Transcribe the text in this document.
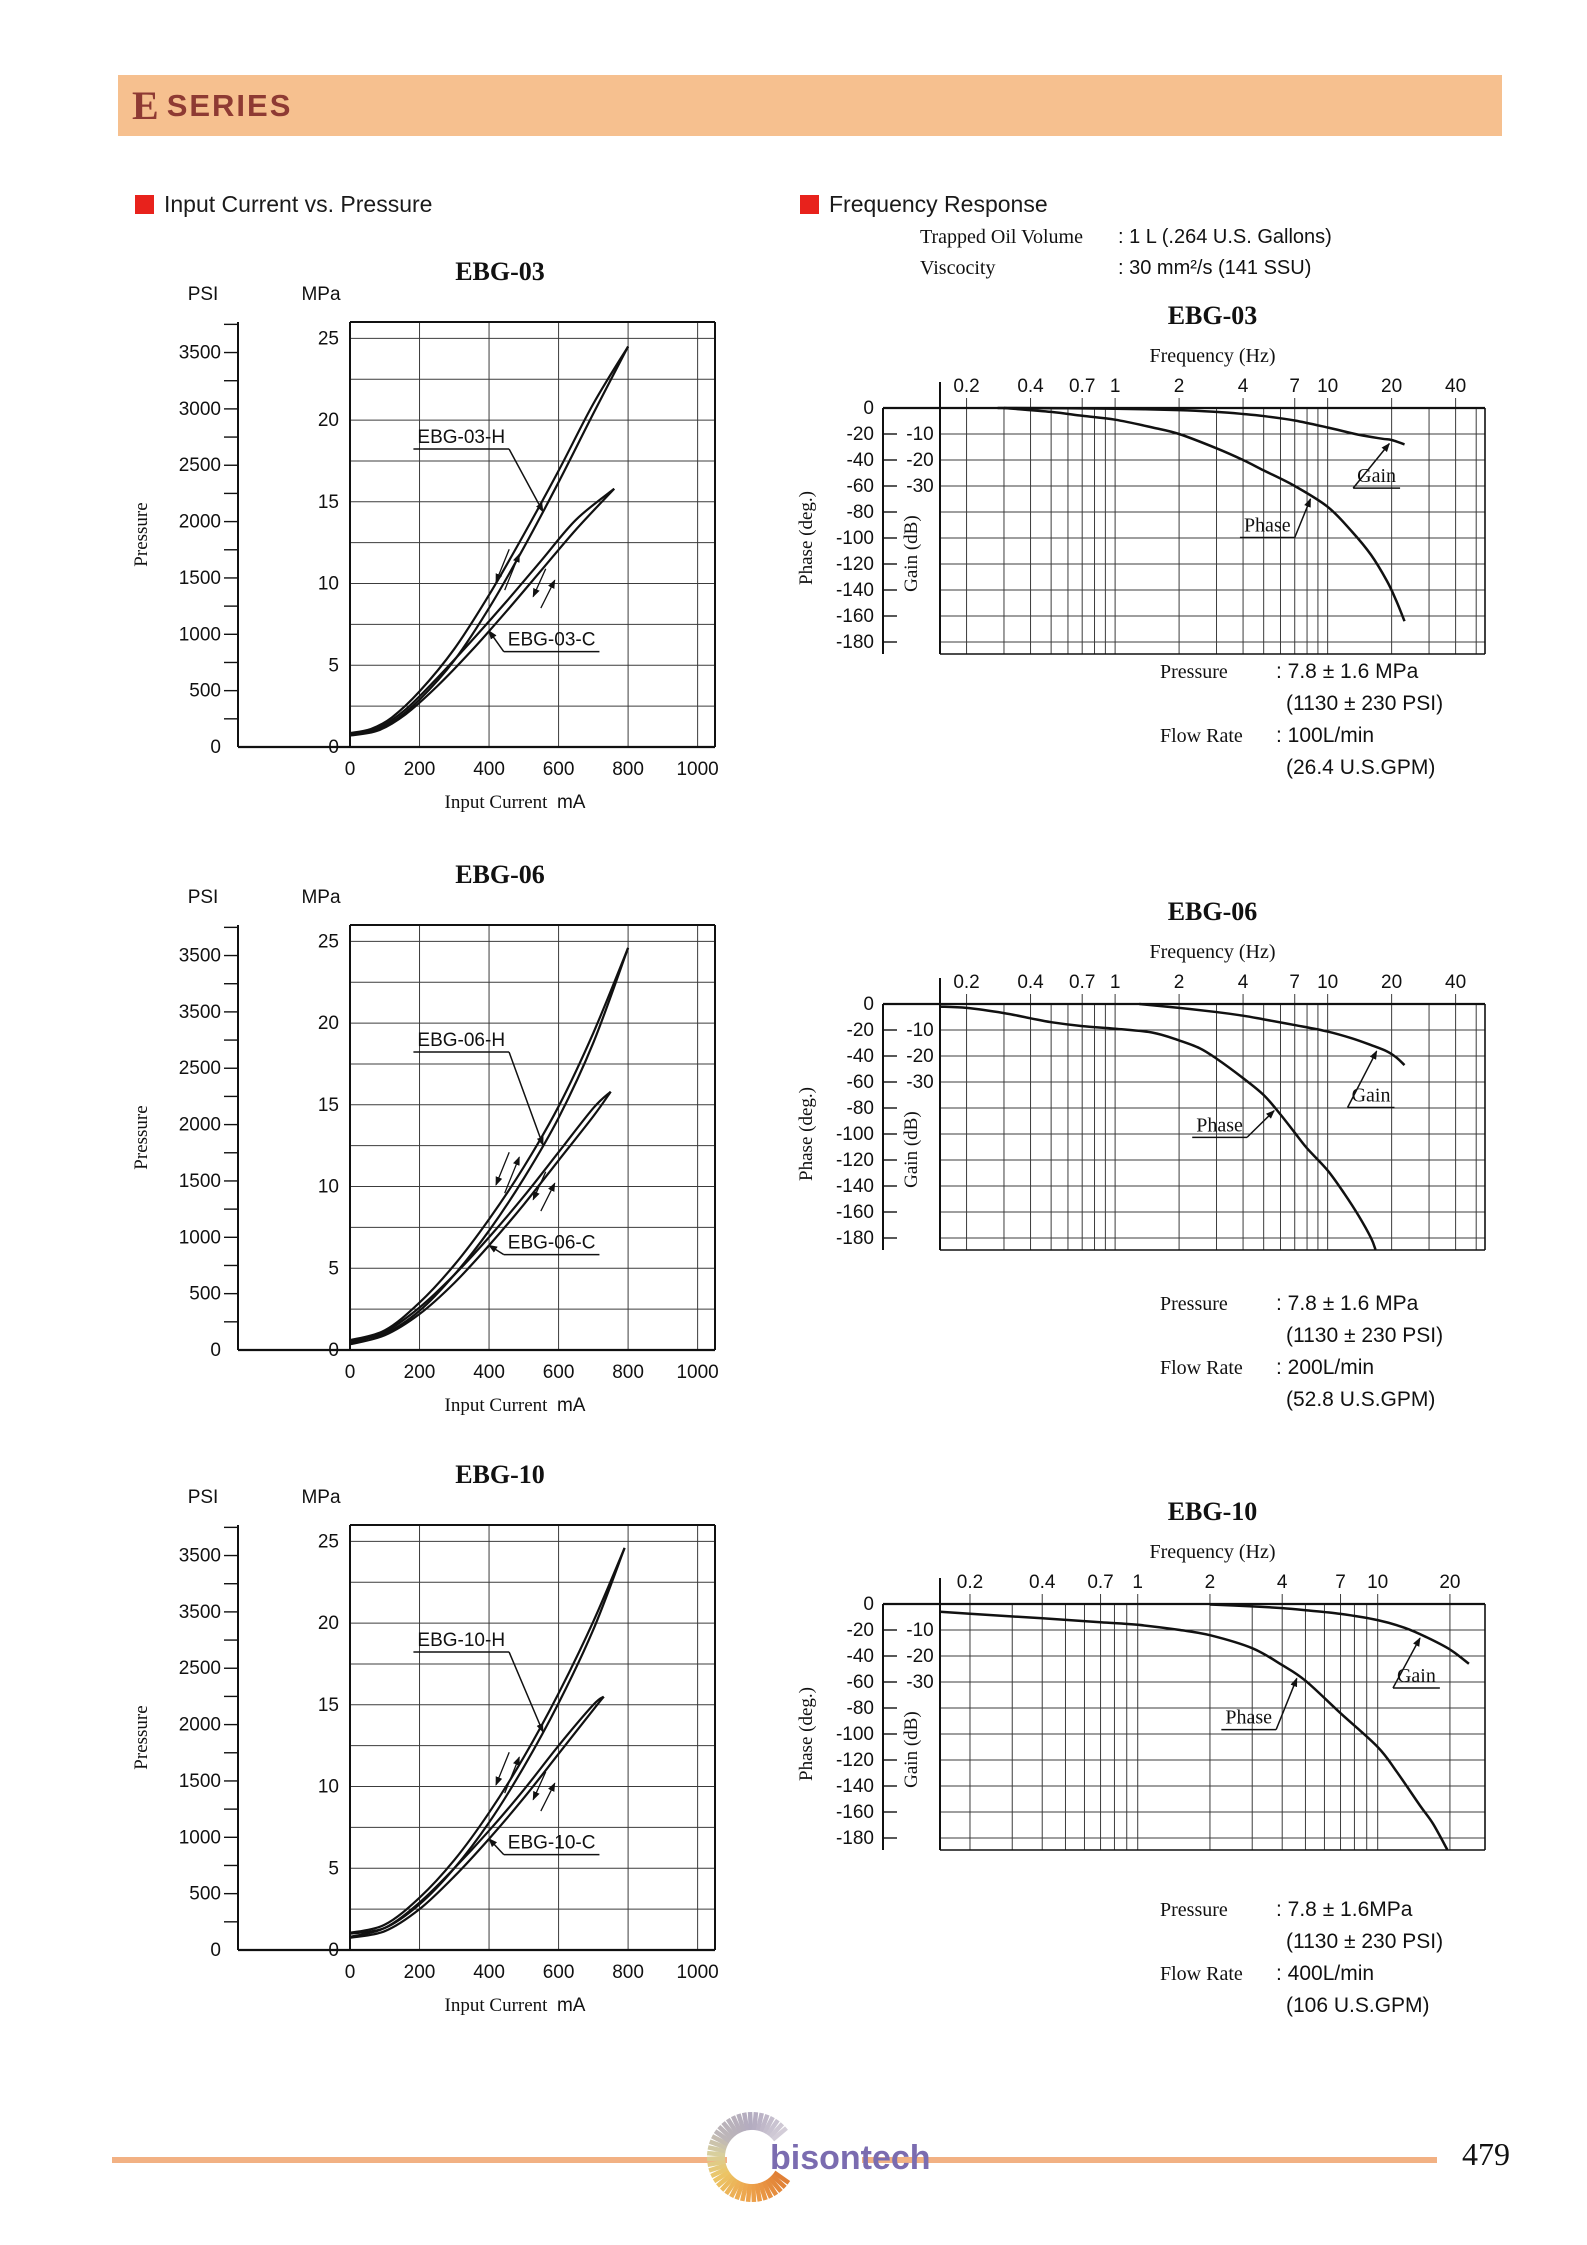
E SERIES
Input Current vs. Pressure	Frequency Response
Trapped Oil Volume	: 1 L (.264 U.S. Gallons)
Viscocity	: 30 mm²/s (141 SSU)
3500
3000
2500
2000
1500
1000
500
0	0
5
10
15
20
25
PSI	MPa
EBG-03
0	200 400 600 800 1000
Input Current mA
Pressure
EBG-03-H
EBG-03-C
EBG-03
Frequency (Hz)
0.2 0.4 0.7 1	2	4 7 10 20 40
0
-20
-40
-60
-80
-100
-120
-140
-160
-180
-10
-20
-30
Phase (deg.)	Gain (dB)
Gain
Phase
3500
3500
2500
2000
1500
1000
500
0	0
5
10
15
20
25
PSI	MPa
EBG-06
0	200 400 600 800 1000
Input Current mA
Pressure
EBG-06-H
EBG-06-C
EBG-06
Frequency (Hz)
0.2 0.4 0.7 1	2	4 7 10 20 40
0
-20
-40
-60
-80
-100
-120
-140
-160
-180
-10
-20
-30
Phase (deg.)	Gain (dB)
Gain
Phase
3500
3500
2500
2000
1500
1000
500
0	0
5
10
15
20
25
PSI	MPa
EBG-10
0	200 400 600 800 1000
Input Current mA
Pressure
EBG-10-H
EBG-10-C
EBG-10
Frequency (Hz)
0.2 0.4 0.7 1	2	4	7 10	20
0
-20
-40
-60
-80
-100
-120
-140
-160
-180
-10
-20
-30
Phase (deg.)	Gain (dB)
Gain
Phase
Pressure	: 7.8 ± 1.6 MPa
(1130 ± 230 PSI)
Flow Rate	: 100L/min
(26.4 U.S.GPM)
Pressure	: 7.8 ± 1.6 MPa
(1130 ± 230 PSI)
Flow Rate	: 200L/min
(52.8 U.S.GPM)
Pressure	: 7.8 ± 1.6MPa
(1130 ± 230 PSI)
Flow Rate	: 400L/min
(106 U.S.GPM)
bisontech	479
